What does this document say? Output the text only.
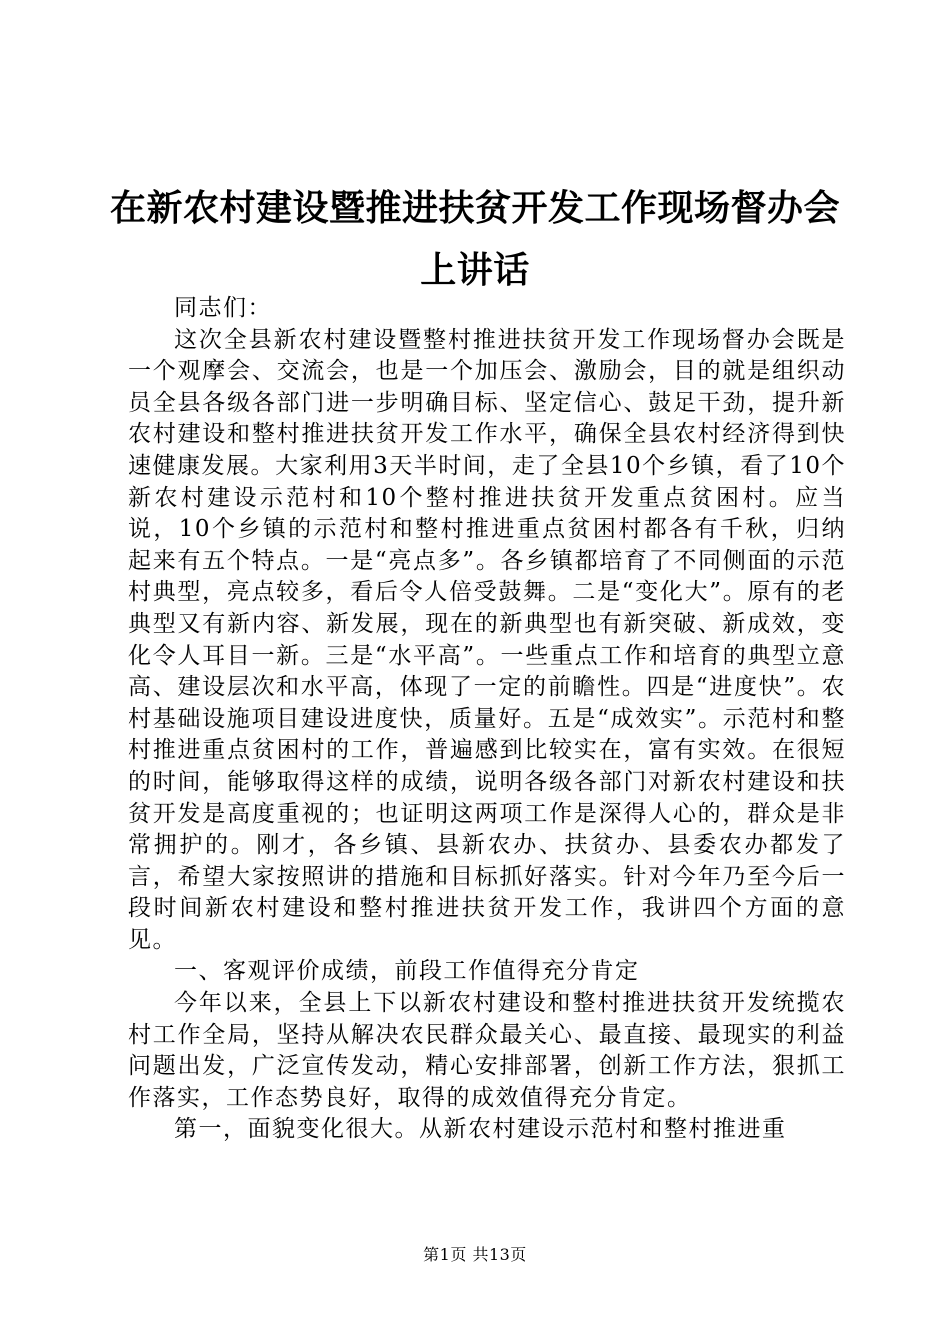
在新农村建设暨推进扶贫开发工作现场督办会上讲话

同志们：

这次全县新农村建设暨整村推进扶贫开发工作现场督办会既是一个观摩会、交流会，也是一个加压会、激励会，目的就是组织动员全县各级各部门进一步明确目标、坚定信心、鼓足干劲，提升新农村建设和整村推进扶贫开发工作水平，确保全县农村经济得到快速健康发展。大家利用3天半时间，走了全县10个乡镇，看了10个新农村建设示范村和10个整村推进扶贫开发重点贫困村。应当说，10个乡镇的示范村和整村推进重点贫困村都各有千秋，归纳起来有五个特点。一是“亮点多”。各乡镇都培育了不同侧面的示范村典型，亮点较多，看后令人倍受鼓舞。二是“变化大”。原有的老典型又有新内容、新发展，现在的新典型也有新突破、新成效，变化令人耳目一新。三是“水平高”。一些重点工作和培育的典型立意高、建设层次和水平高，体现了一定的前瞻性。四是“进度快”。农村基础设施项目建设进度快，质量好。五是“成效实”。示范村和整村推进重点贫困村的工作，普遍感到比较实在，富有实效。在很短的时间，能够取得这样的成绩，说明各级各部门对新农村建设和扶贫开发是高度重视的；也证明这两项工作是深得人心的，群众是非常拥护的。刚才，各乡镇、县新农办、扶贫办、县委农办都发了言，希望大家按照讲的措施和目标抓好落实。针对今年乃至今后一段时间新农村建设和整村推进扶贫开发工作，我讲四个方面的意见。

一、客观评价成绩，前段工作值得充分肯定

今年以来，全县上下以新农村建设和整村推进扶贫开发统揽农村工作全局，坚持从解决农民群众最关心、最直接、最现实的利益问题出发，广泛宣传发动，精心安排部署，创新工作方法，狠抓工作落实，工作态势良好，取得的成效值得充分肯定。

第一，面貌变化很大。从新农村建设示范村和整村推进重

第1页 共13页
